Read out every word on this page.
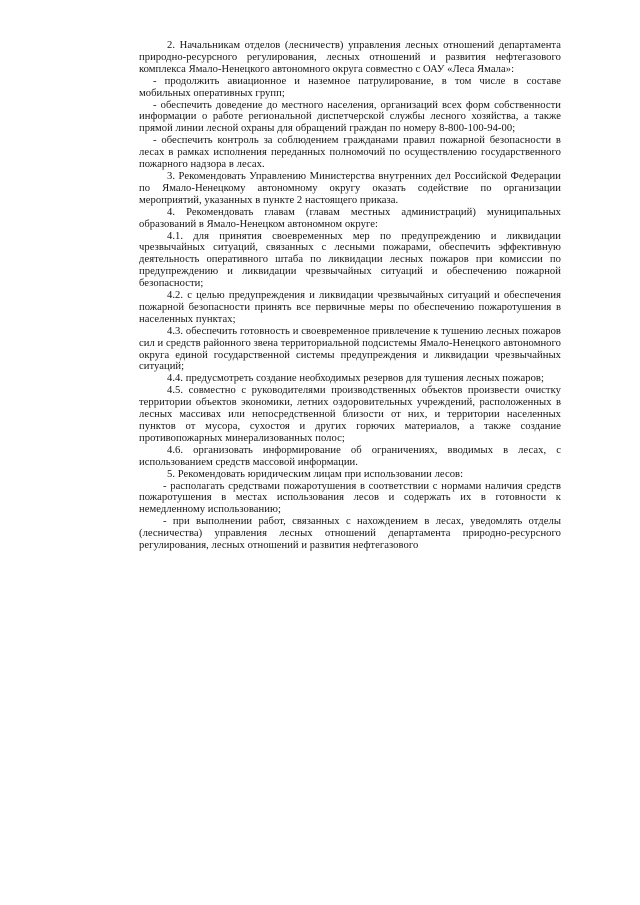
2. Начальникам отделов (лесничеств) управления лесных отношений департамента природно-ресурсного регулирования, лесных отношений и развития нефтегазового комплекса Ямало-Ненецкого автономного округа совместно с ОАУ «Леса Ямала»:

- продолжить авиационное и наземное патрулирование, в том числе в составе мобильных оперативных групп;

- обеспечить доведение до местного населения, организаций всех форм собственности информации о работе региональной диспетчерской службы лесного хозяйства, а также прямой линии лесной охраны для обращений граждан по номеру 8-800-100-94-00;

- обеспечить контроль за соблюдением гражданами правил пожарной безопасности в лесах в рамках исполнения переданных полномочий по осуществлению государственного пожарного надзора в лесах.

3. Рекомендовать Управлению Министерства внутренних дел Российской Федерации по Ямало-Ненецкому автономному округу оказать содействие по организации мероприятий, указанных в пункте 2 настоящего приказа.

4. Рекомендовать главам (главам местных администраций) муниципальных образований в Ямало-Ненецком автономном округе:

4.1. для принятия своевременных мер по предупреждению и ликвидации чрезвычайных ситуаций, связанных с лесными пожарами, обеспечить эффективную деятельность оперативного штаба по ликвидации лесных пожаров при комиссии по предупреждению и ликвидации чрезвычайных ситуаций и обеспечению пожарной безопасности;

4.2. с целью предупреждения и ликвидации чрезвычайных ситуаций и обеспечения пожарной безопасности принять все первичные меры по обеспечению пожаротушения в населенных пунктах;

4.3. обеспечить готовность и своевременное привлечение к тушению лесных пожаров сил и средств районного звена территориальной подсистемы Ямало-Ненецкого автономного округа единой государственной системы предупреждения и ликвидации чрезвычайных ситуаций;

4.4. предусмотреть создание необходимых резервов для тушения лесных пожаров;

4.5. совместно с руководителями производственных объектов произвести очистку территории объектов экономики, летних оздоровительных учреждений, расположенных в лесных массивах или непосредственной близости от них, и территории населенных пунктов от мусора, сухостоя и других горючих материалов, а также создание противопожарных минерализованных полос;

4.6. организовать информирование об ограничениях, вводимых в лесах, с использованием средств массовой информации.

5. Рекомендовать юридическим лицам при использовании лесов:

- располагать средствами пожаротушения в соответствии с нормами наличия средств пожаротушения в местах использования лесов и содержать их в готовности к немедленному использованию;

- при выполнении работ, связанных с нахождением в лесах, уведомлять отделы (лесничества) управления лесных отношений департамента природно-ресурсного регулирования, лесных отношений и развития нефтегазового
